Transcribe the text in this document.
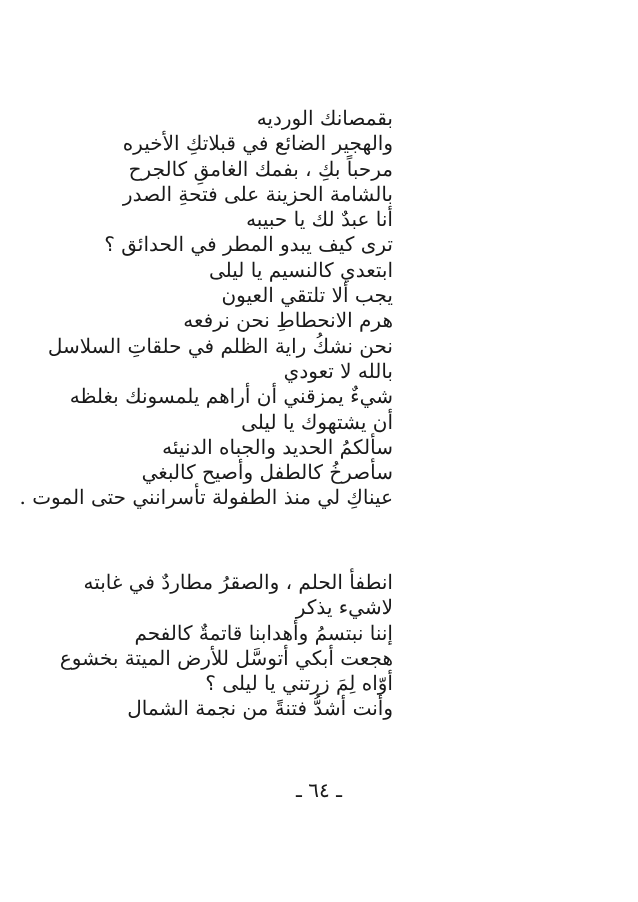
بقمصانك الورديه
والهجير الضائع في قبلاتكِ الأخيره
مرحباً بكِ ، بفمك الغامقِ كالجرح
بالشامة الحزينة على فتحةِ الصدر
أنا عبدٌ لك يا حبيبه
ترى كيف يبدو المطر في الحدائق ؟
ابتعدي كالنسيم يا ليلى
يجب ألا تلتقي العيون
هرم الانحطاطِ نحن نرفعه
نحن نشكُ راية الظلم في حلقاتِ السلاسل
بالله لا تعودي
شيءٌ يمزقني أن أراهم يلمسونك بغلظه
أن يشتهوك يا ليلى
سألكمُ الحديد والجباه الدنيئه
سأصرخُ كالطفل وأصيح كالبغي
عيناكِ لي منذ الطفولة تأسرانني حتى الموت .
انطفأ الحلم ، والصقرُ مطاردٌ في غابته
لاشيء يذكر
إننا نبتسمُ وأهدابنا قاتمةٌ كالفحم
هجعت أبكي أتوسَّل للأرض الميتة بخشوع
أوّاه لِمَ زرتني يا ليلى ؟
وأنت أشدُّ فتنةً من نجمة الشمال
ـ ٦٤ ـ
